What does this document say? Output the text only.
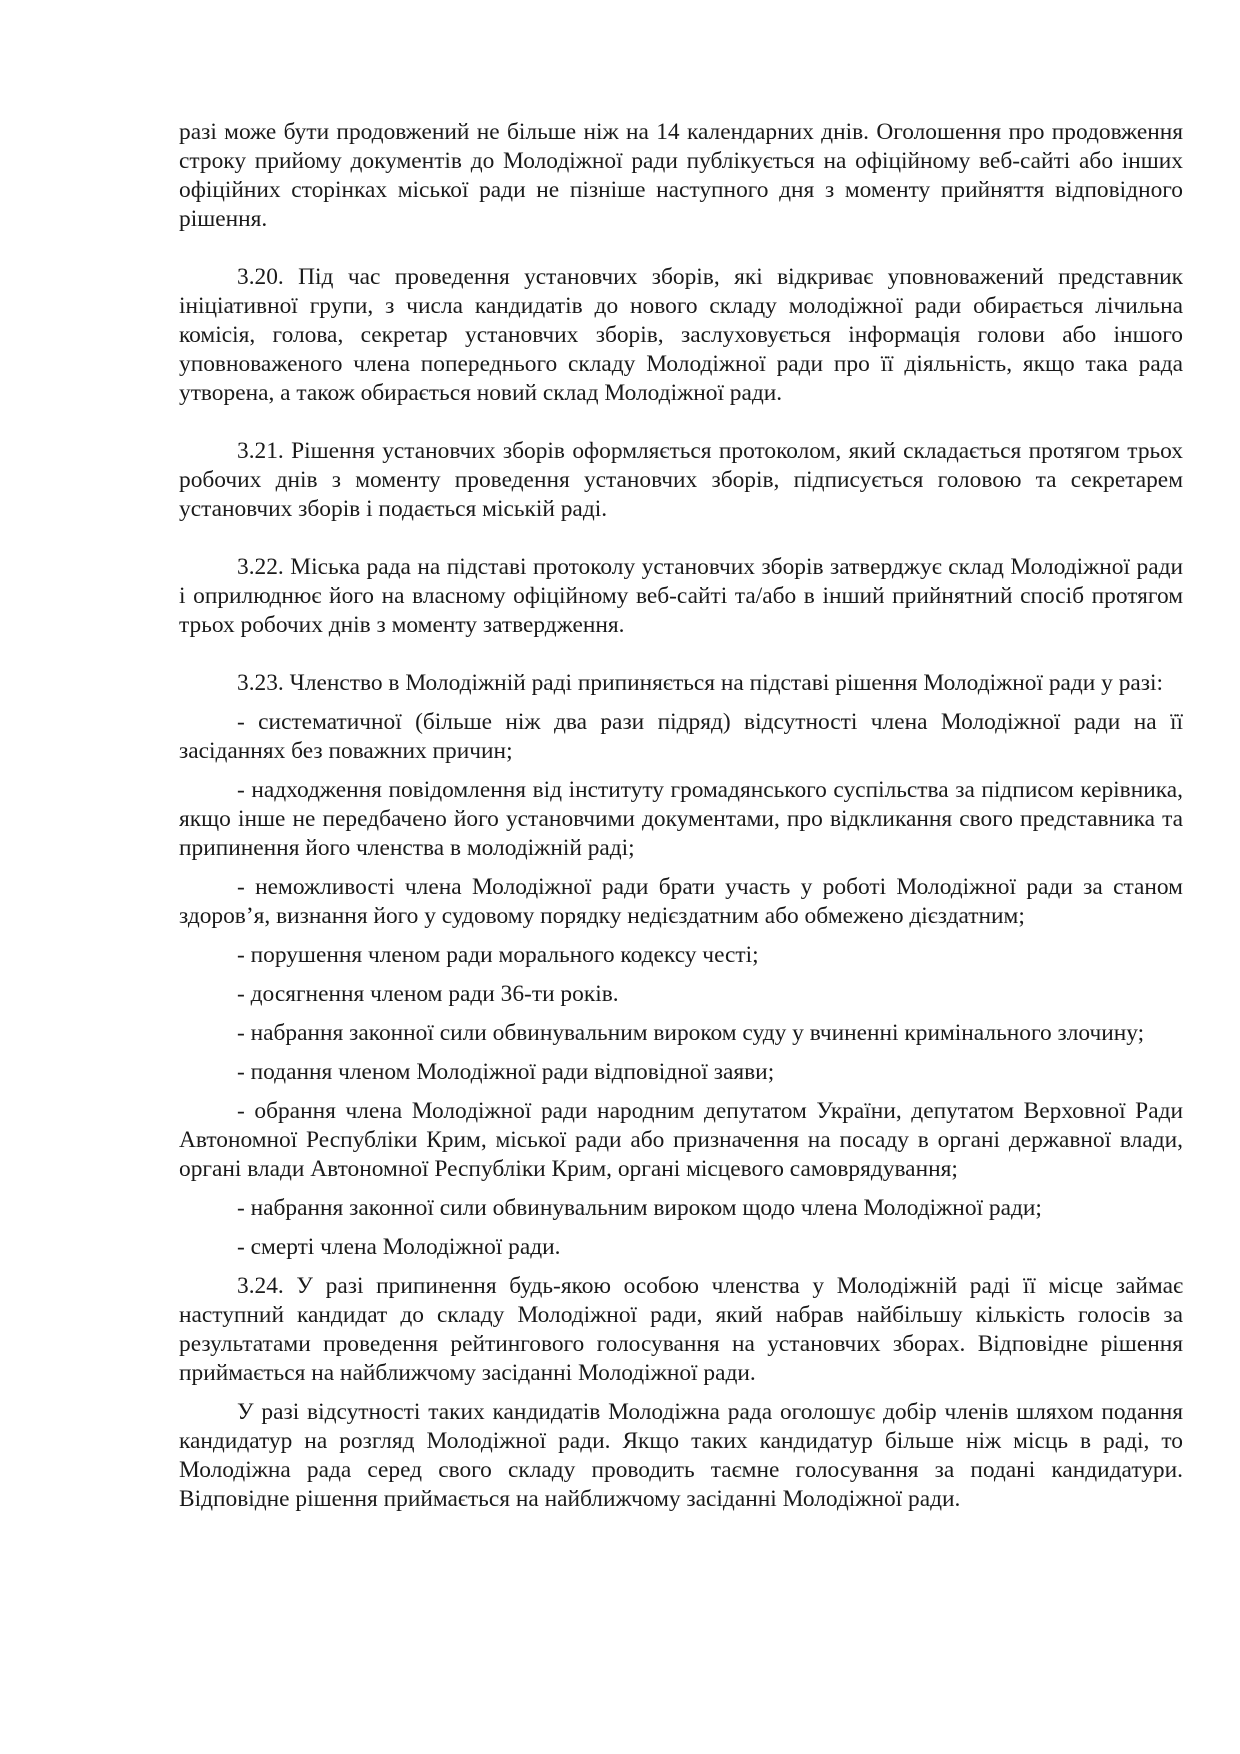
разі може бути продовжений не більше ніж на 14 календарних днів. Оголошення про продовження строку прийому документів до Молодіжної ради публікується на офіційному веб-сайті або інших офіційних сторінках міської ради не пізніше наступного дня з моменту прийняття відповідного рішення.

3.20. Під час проведення установчих зборів, які відкриває уповноважений представник ініціативної групи, з числа кандидатів до нового складу молодіжної ради обирається лічильна комісія, голова, секретар установчих зборів, заслуховується інформація голови або іншого уповноваженого члена попереднього складу Молодіжної ради про її діяльність, якщо така рада утворена, а також обирається новий склад Молодіжної ради.

3.21. Рішення установчих зборів оформляється протоколом, який складається протягом трьох робочих днів з моменту проведення установчих зборів, підписується головою та секретарем установчих зборів і подається міській раді.

3.22. Міська рада на підставі протоколу установчих зборів затверджує склад Молодіжної ради і оприлюднює його на власному офіційному веб-сайті та/або в інший прийнятний спосіб протягом трьох робочих днів з моменту затвердження.

3.23. Членство в Молодіжній раді припиняється на підставі рішення Молодіжної ради у разі:

- систематичної (більше ніж два рази підряд) відсутності члена Молодіжної ради на її засіданнях без поважних причин;

- надходження повідомлення від інституту громадянського суспільства за підписом керівника, якщо інше не передбачено його установчими документами, про відкликання свого представника та припинення його членства в молодіжній раді;

- неможливості члена Молодіжної ради брати участь у роботі Молодіжної ради за станом здоров’я, визнання його у судовому порядку недієздатним або обмежено дієздатним;

- порушення членом ради морального кодексу честі;

- досягнення членом ради 36-ти років.

- набрання законної сили обвинувальним вироком суду у вчиненні кримінального злочину;

- подання членом Молодіжної ради відповідної заяви;

- обрання члена Молодіжної ради народним депутатом України, депутатом Верховної Ради Автономної Республіки Крим, міської ради або призначення на посаду в органі державної влади, органі влади Автономної Республіки Крим, органі місцевого самоврядування;

- набрання законної сили обвинувальним вироком щодо члена Молодіжної ради;

- смерті члена Молодіжної ради.

3.24. У разі припинення будь-якою особою членства у Молодіжній раді її місце займає наступний кандидат до складу Молодіжної ради, який набрав найбільшу кількість голосів за результатами проведення рейтингового голосування на установчих зборах. Відповідне рішення приймається на найближчому засіданні Молодіжної ради.

У разі відсутності таких кандидатів Молодіжна рада оголошує добір членів шляхом подання кандидатур на розгляд Молодіжної ради. Якщо таких кандидатур більше ніж місць в раді, то Молодіжна рада серед свого складу проводить таємне голосування за подані кандидатури. Відповідне рішення приймається на найближчому засіданні Молодіжної ради.
